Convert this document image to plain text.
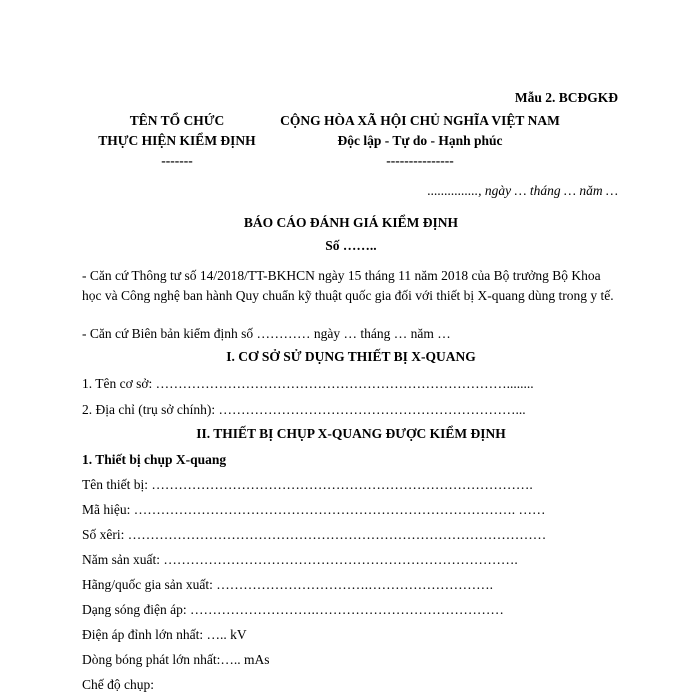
Mẫu 2. BCĐGKĐ
TÊN TỔ CHỨC
THỰC HIỆN KIỂM ĐỊNH
-------
CỘNG HÒA XÃ HỘI CHỦ NGHĨA VIỆT NAM
Độc lập - Tự do - Hạnh phúc
---------------
..............., ngày … tháng … năm …
BÁO CÁO ĐÁNH GIÁ KIỂM ĐỊNH
Số ……..
- Căn cứ Thông tư số 14/2018/TT-BKHCN ngày 15 tháng 11 năm 2018 của Bộ trưởng Bộ Khoa học và Công nghệ ban hành Quy chuẩn kỹ thuật quốc gia đối với thiết bị X-quang dùng trong y tế.
- Căn cứ Biên bản kiểm định số ………… ngày … tháng … năm …
I. CƠ SỞ SỬ DỤNG THIẾT BỊ X-QUANG
1. Tên cơ sở: ……………………………………………………………………........
2. Địa chỉ (trụ sở chính): …………………………………………………………...
II. THIẾT BỊ CHỤP X-QUANG ĐƯỢC KIỂM ĐỊNH
1. Thiết bị chụp X-quang
Tên thiết bị: ………………………………………………………………………….
Mã hiệu: …………………………………………………………………………. ……
Số xêri: …………………………………………………………………………………
Năm sản xuất: …………………………………………………………………….
Hãng/quốc gia sản xuất: …………………………….……………………….
Dạng sóng điện áp: ……………………….……………………………………
Điện áp đỉnh lớn nhất: ….. kV
Dòng bóng phát lớn nhất:….. mAs
Chế độ chụp:
